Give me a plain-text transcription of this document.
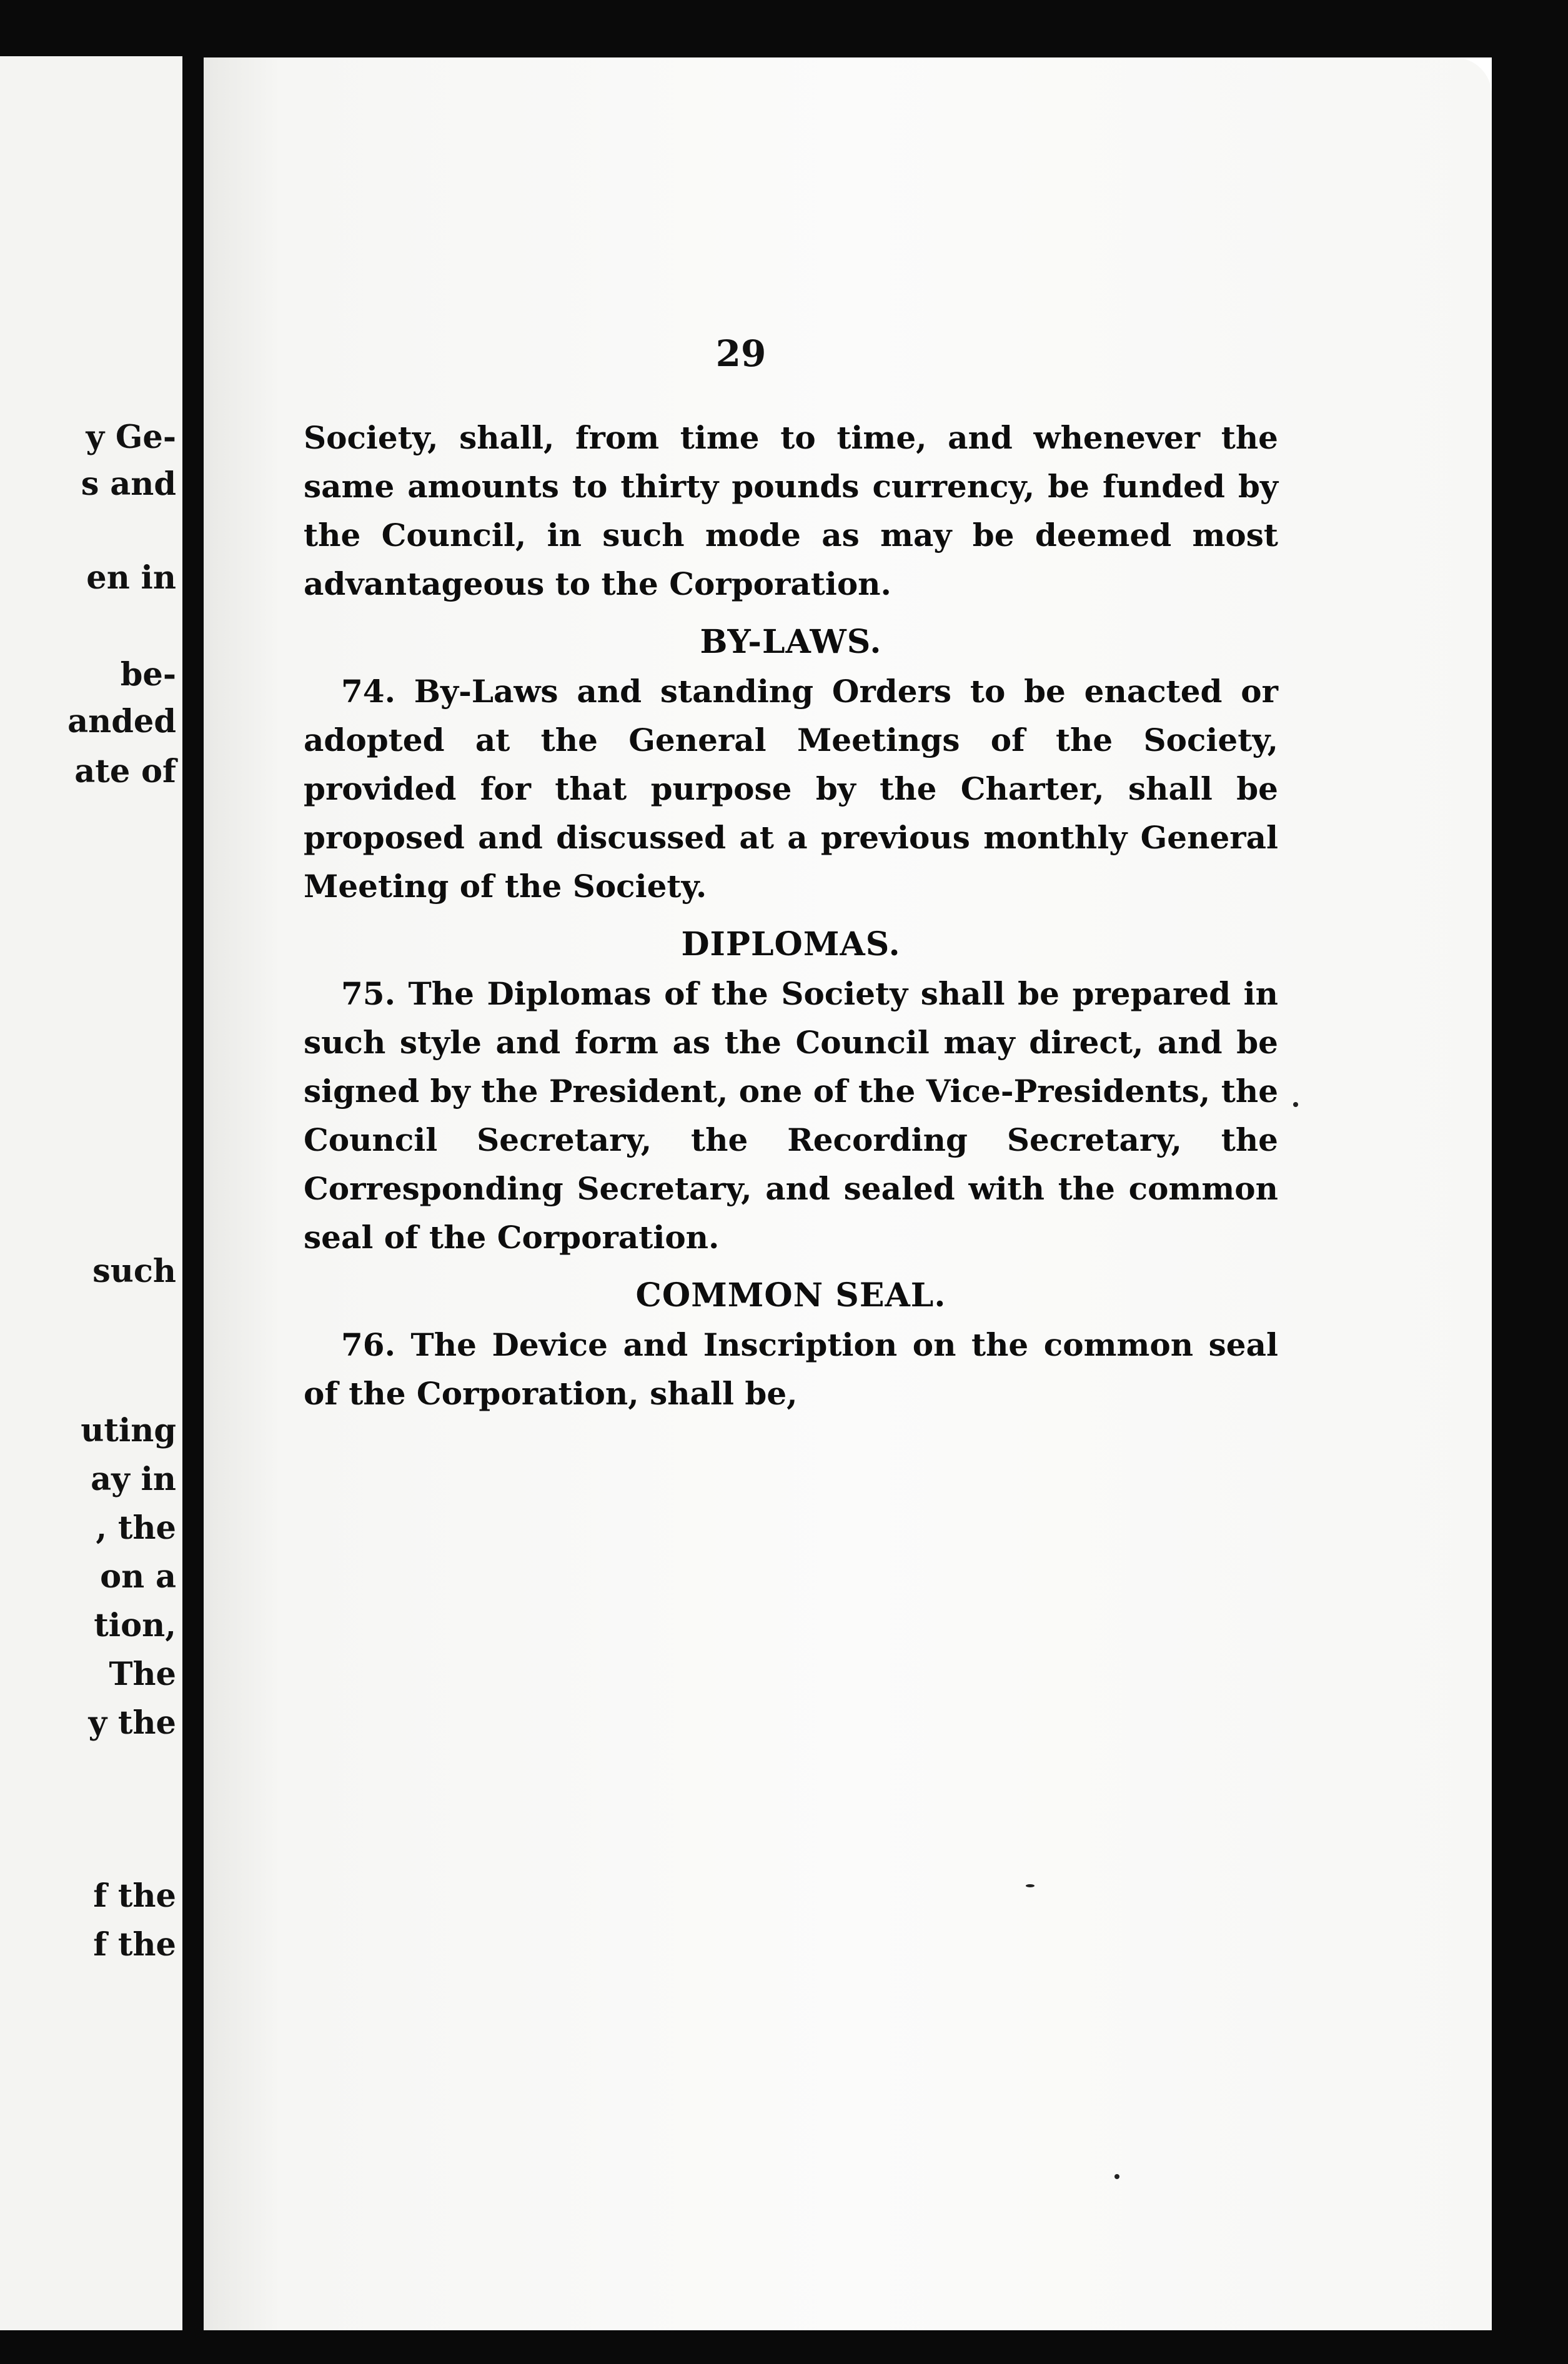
y Ge-
s and
en in
be-
anded
ate of
such
uting
ay in
, the
on a
tion,
The
y the
f the
f the
29

Society, shall, from time to time, and whenever the same amounts to thirty pounds currency, be funded by the Council, in such mode as may be deemed most advantageous to the Corporation.

BY-LAWS.

74. By-Laws and standing Orders to be enacted or adopted at the General Meetings of the Society, provided for that purpose by the Charter, shall be proposed and discussed at a previous monthly General Meeting of the Society.

DIPLOMAS.

75. The Diplomas of the Society shall be prepared in such style and form as the Council may direct, and be signed by the President, one of the Vice-Presidents, the Council Secretary, the Recording Secretary, the Corresponding Secretary, and sealed with the common seal of the Corporation.

COMMON SEAL.

76. The Device and Inscription on the common seal of the Corporation, shall be,
